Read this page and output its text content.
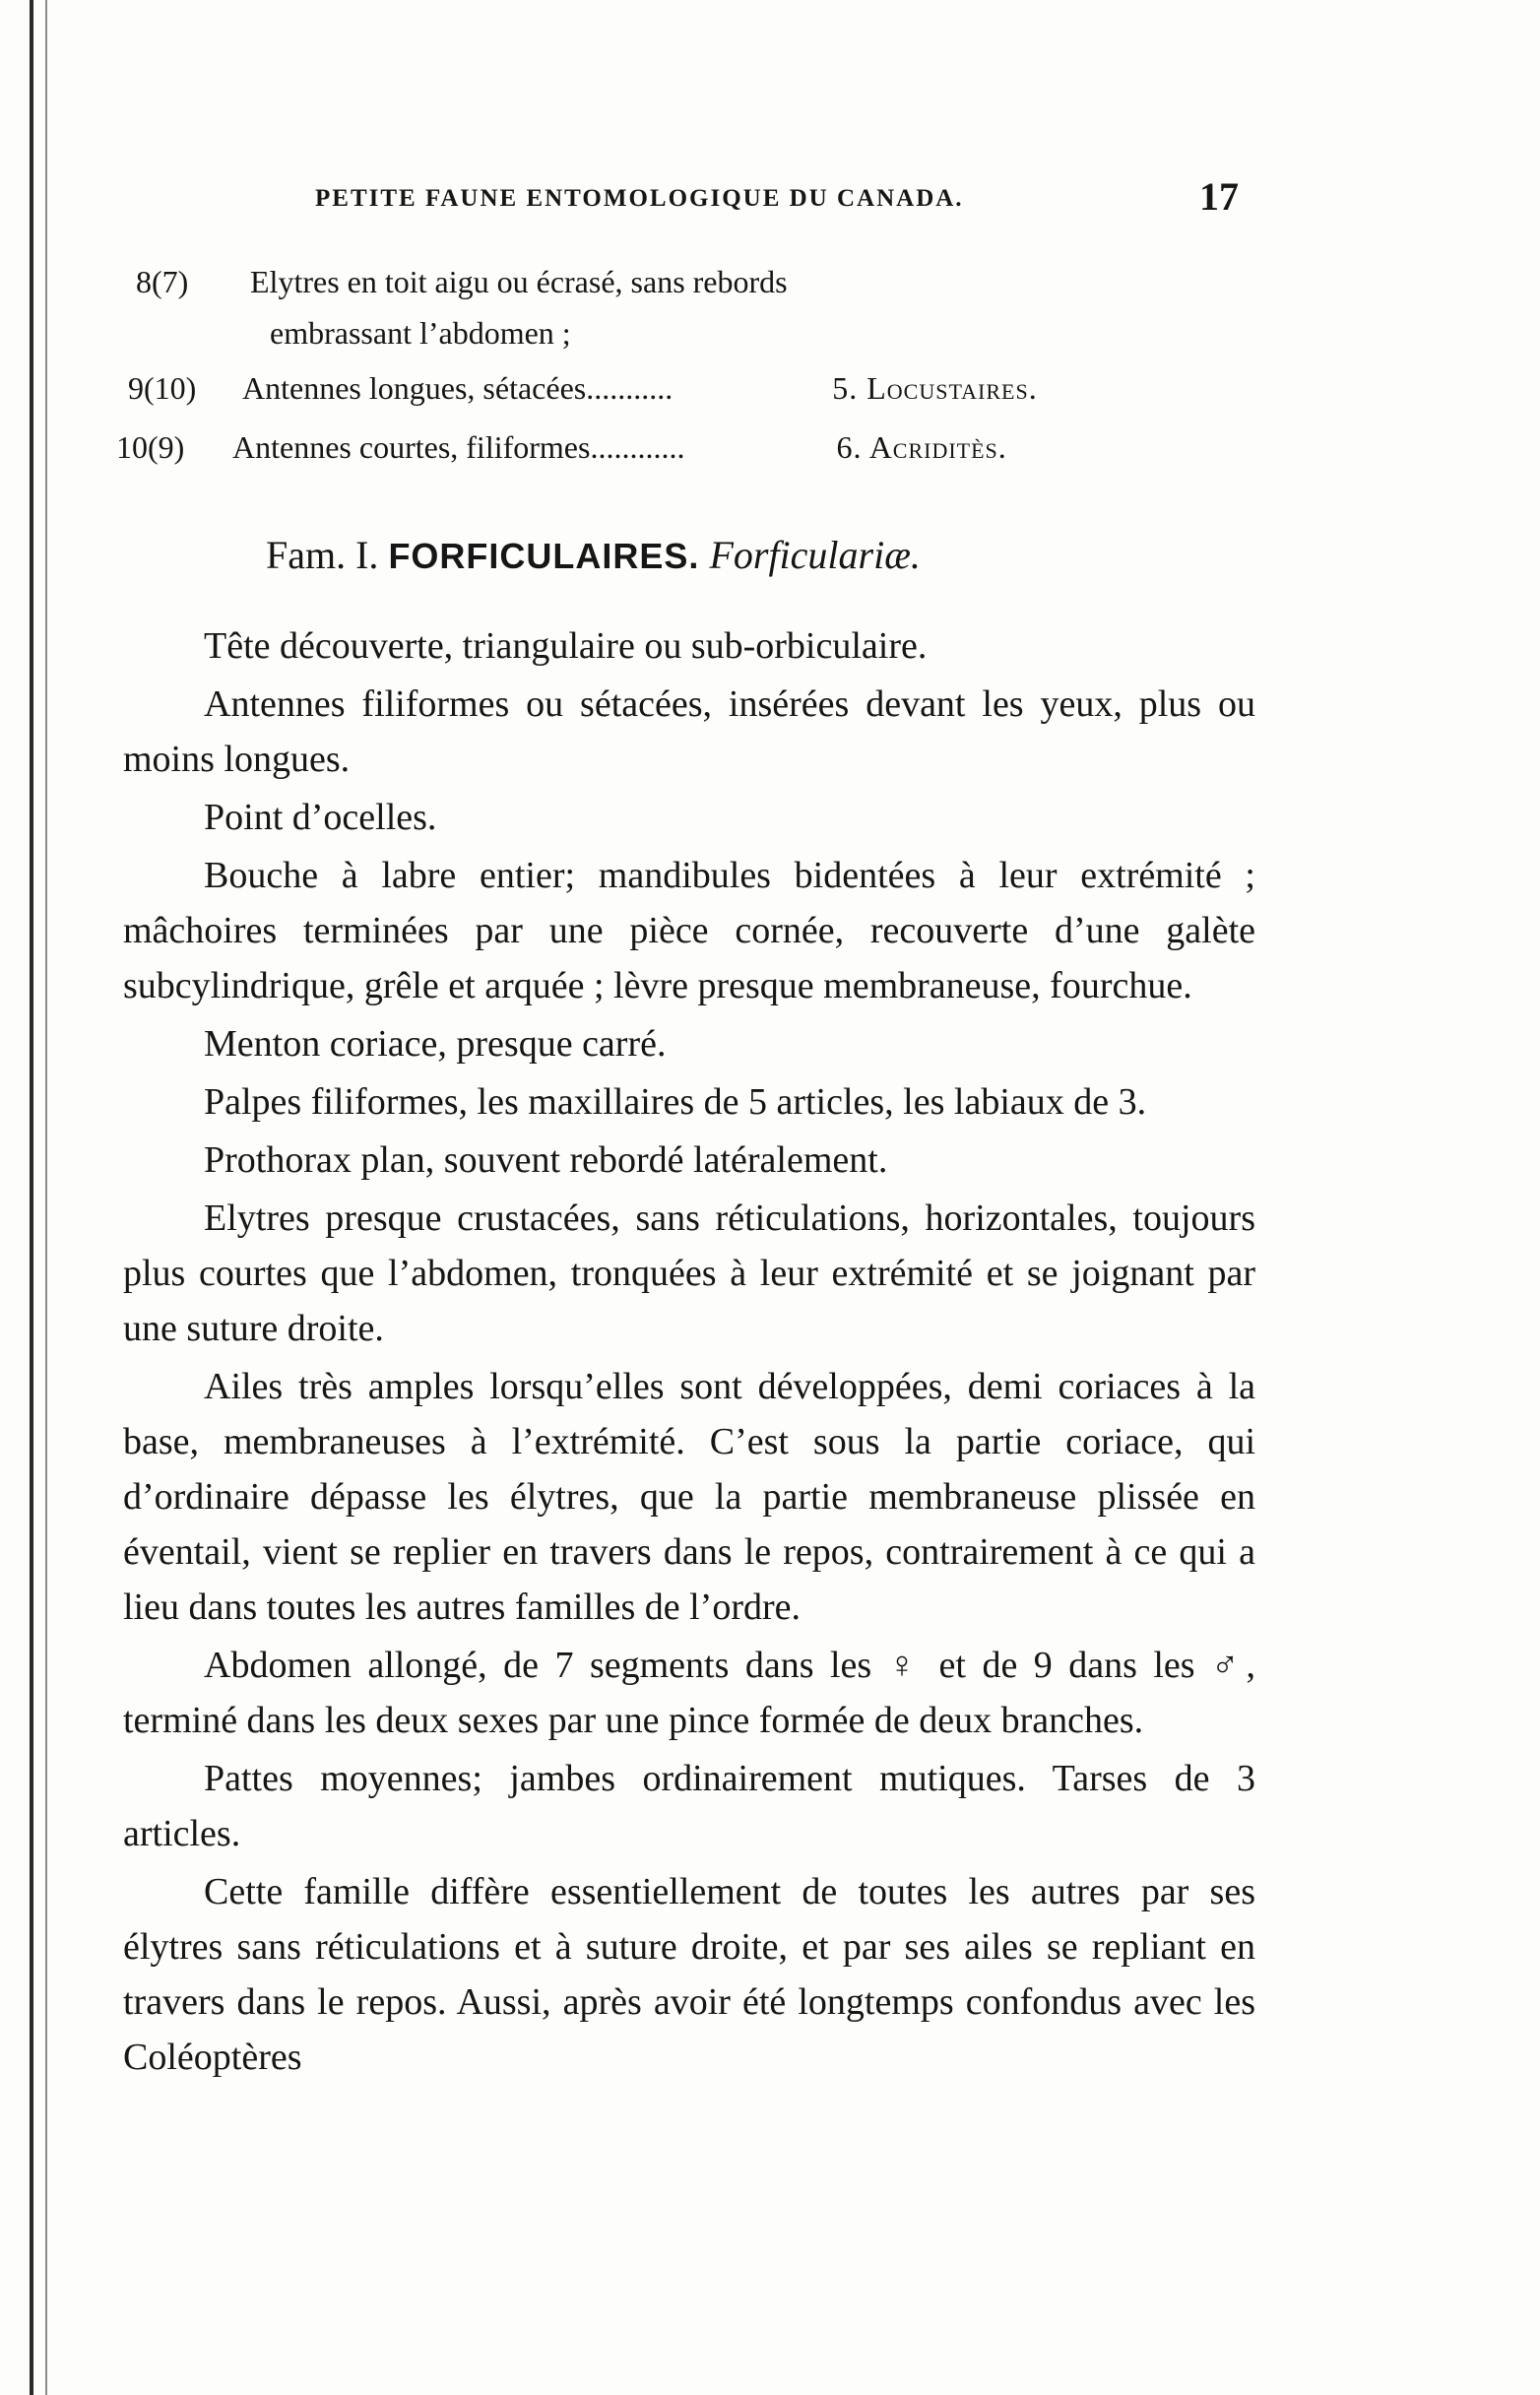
PETITE FAUNE ENTOMOLOGIQUE DU CANADA.	17
8(7) Elytres en toit aigu ou écrasé, sans rebords
embrassant l’abdomen ;
9(10) Antennes longues, sétacées...........	5. Locustaires.
10(9) Antennes courtes, filiformes............	6. Acriditès.
Fam. I. FORFICULAIRES. Forficulariæ.

Tête découverte, triangulaire ou sub-orbiculaire.

Antennes filiformes ou sétacées, insérées devant les yeux, plus ou moins longues.

Point d’ocelles.

Bouche à labre entier; mandibules bidentées à leur extrémité ; mâchoires terminées par une pièce cornée, recouverte d’une galète subcylindrique, grêle et arquée ; lèvre presque membraneuse, fourchue.

Menton coriace, presque carré.

Palpes filiformes, les maxillaires de 5 articles, les labiaux de 3.

Prothorax plan, souvent rebordé latéralement.

Elytres presque crustacées, sans réticulations, horizontales, toujours plus courtes que l’abdomen, tronquées à leur extrémité et se joignant par une suture droite.

Ailes très amples lorsqu’elles sont développées, demi coriaces à la base, membraneuses à l’extrémité. C’est sous la partie coriace, qui d’ordinaire dépasse les élytres, que la partie membraneuse plissée en éventail, vient se replier en travers dans le repos, contrairement à ce qui a lieu dans toutes les autres familles de l’ordre.

Abdomen allongé, de 7 segments dans les ♀ et de 9 dans les ♂, terminé dans les deux sexes par une pince formée de deux branches.

Pattes moyennes; jambes ordinairement mutiques. Tarses de 3 articles.

Cette famille diffère essentiellement de toutes les autres par ses élytres sans réticulations et à suture droite, et par ses ailes se repliant en travers dans le repos. Aussi, après avoir été longtemps confondus avec les Coléoptères
